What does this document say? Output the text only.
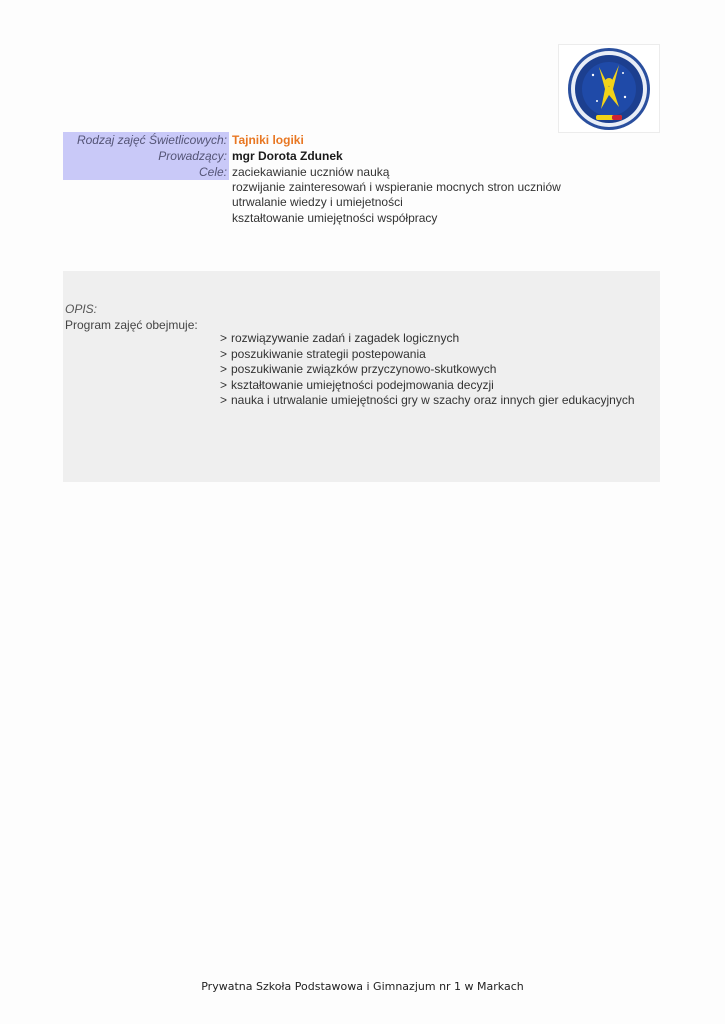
Rodzaj zajęć Świetlicowych: Tajniki logiki
Prowadzący: mgr Dorota Zdunek
Cele: zaciekawianie uczniów nauką
rozwijanie zainteresowań i wspieranie mocnych stron uczniów
utrwalanie wiedzy i umiejetności
kształtowanie umiejętności współpracy
OPIS:
Program zajęć obejmuje:
> rozwiązywanie zadań i zagadek logicznych
> poszukiwanie strategii postepowania
> poszukiwanie związków przyczynowo-skutkowych
> kształtowanie umiejętności podejmowania decyzji
> nauka i utrwalanie umiejętności gry w szachy oraz innych gier edukacyjnych
Prywatna Szkoła Podstawowa i Gimnazjum nr 1 w Markach
